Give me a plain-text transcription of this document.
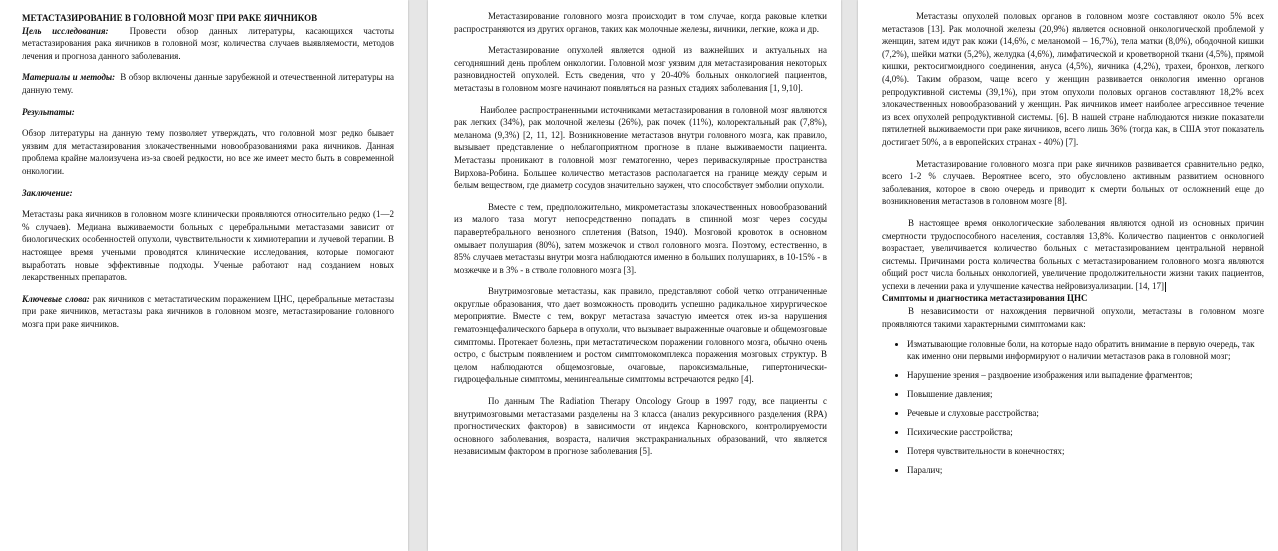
МЕТАСТАЗИРОВАНИЕ В ГОЛОВНОЙ МОЗГ ПРИ РАКЕ ЯИЧНИКОВ

Цель исследования: Провести обзор данных литературы, касающихся частоты метастазирования рака яичников в головной мозг, количества случаев выявляемости, методов лечения и прогноза данного заболевания.

Материалы и методы: В обзор включены данные зарубежной и отечественной литературы на данную тему.

Результаты:

Обзор литературы на данную тему позволяет утверждать, что головной мозг редко бывает уязвим для метастазирования злокачественными новообразованиями рака яичников. Данная проблема крайне малоизучена из-за своей редкости, но все же имеет место быть в современной онкологии.

Заключение:

Метастазы рака яичников в головном мозге клинически проявляются относительно редко (1—2 % случаев). Медиана выживаемости больных с церебральными метастазами зависит от биологических особенностей опухоли, чувствительности к химиотерапии и лучевой терапии. В настоящее время учеными проводятся клинические исследования, которые помогают выработать новые эффективные подходы. Ученые работают над созданием новых лекарственных препаратов.

Ключевые слова: рак яичников с метастатическим поражением ЦНС, церебральные метастазы при раке яичников, метастазы рака яичников в головном мозге, метастазирование головного мозга при раке яичников.

Метастазирование головного мозга происходит в том случае, когда раковые клетки распространяются из других органов, таких как молочные железы, яичники, легкие, кожа и др.

Метастазирование опухолей является одной из важнейших и актуальных на сегодняшний день проблем онкологии. Головной мозг уязвим для метастазирования некоторых разновидностей опухолей. Есть сведения, что у 20-40% больных онкологией пациентов, метастазы в головном мозге начинают появляться на разных стадиях заболевания [1, 9,10].

Наиболее распространенными источниками метастазирования в головной мозг являются рак легких (34%), рак молочной железы (26%), рак почек (11%), колоректальный рак (7,8%), меланома (9,3%) [2, 11, 12]. Возникновение метастазов внутри головного мозга, как правило, вызывает представление о неблагоприятном прогнозе в плане выживаемости пациента. Метастазы проникают в головной мозг гематогенно, через периваскулярные пространства Вирхова-Робина. Большее количество метастазов располагается на границе между серым и белым веществом, где диаметр сосудов значительно заужен, что способствует эмболии опухоли.

Вместе с тем, предположительно, микрометастазы злокачественных новообразований из малого таза могут непосредственно попадать в спинной мозг через сосуды паравертебрального венозного сплетения (Batson, 1940). Мозговой кровоток в основном омывает полушария (80%), затем мозжечок и ствол головного мозга. Поэтому, естественно, в 85% случаев метастазы внутри мозга наблюдаются именно в больших полушариях, в 10-15% - в мозжечке и в 3% - в стволе головного мозга [3].

Внутримозговые метастазы, как правило, представляют собой четко отграниченные округлые образования, что дает возможность проводить успешно радикальное хирургическое мероприятие. Вместе с тем, вокруг метастаза зачастую имеется отек из-за нарушения гематоэнцефалического барьера в опухоли, что вызывает выраженные очаговые и общемозговые симптомы. Протекает болезнь, при метастатическом поражении головного мозга, обычно очень остро, с быстрым появлением и ростом симптомокомплекса поражения мозговых структур. В целом наблюдаются общемозговые, очаговые, пароксизмальные, гипертонически-гидроцефальные симптомы, менингеальные симптомы встречаются редко [4].

По данным The Radiation Therapy Oncology Group в 1997 году, все пациенты с внутримозговыми метастазами разделены на 3 класса (анализ рекурсивного разделения (RPA) прогностических факторов) в зависимости от индекса Карновского, контролируемости основного заболевания, возраста, наличия экстракраниальных образований, что является независимым фактором в прогнозе заболевания [5].

Метастазы опухолей половых органов в головном мозге составляют около 5% всех метастазов [13]. Рак молочной железы (20,9%) является основной онкологической проблемой у женщин, затем идут рак кожи (14,6%, с меланомой – 16,7%), тела матки (8,0%), ободочной кишки (7,2%), шейки матки (5,2%), желудка (4,6%), лимфатической и кроветворной ткани (4,5%), прямой кишки, ректосигмоидного соединения, ануса (4,5%), яичника (4,2%), трахеи, бронхов, легкого (4,0%). Таким образом, чаще всего у женщин развивается онкология именно органов репродуктивной системы (39,1%), при этом опухоли половых органов составляют 18,2% всех злокачественных новообразований у женщин. Рак яичников имеет наиболее агрессивное течение из всех опухолей репродуктивной системы. [6]. В нашей стране наблюдаются низкие показатели пятилетней выживаемости при раке яичников, всего лишь 36% (тогда как, в США этот показатель достигает 50%, а в европейских странах - 40%) [7].

Метастазирование головного мозга при раке яичников развивается сравнительно редко, всего 1-2 % случаев. Вероятнее всего, это обусловлено активным развитием основного заболевания, которое в свою очередь и приводит к смерти больных от осложнений еще до возникновения метастазов в головном мозге [8].

В настоящее время онкологические заболевания являются одной из основных причин смертности трудоспособного населения, составляя 13,8%. Количество пациентов с онкологией возрастает, увеличивается количество больных с метастазированием центральной нервной системы. Причинами роста количества больных с метастазированием головного мозга являются общий рост числа больных онкологией, увеличение продолжительности жизни таких пациентов, успехи в лечении рака и улучшение качества нейровизуализации. [14, 17]

Симптомы и диагностика метастазирования ЦНС

В независимости от нахождения первичной опухоли, метастазы в головном мозге проявляются такими характерными симптомами как:

• Изматывающие головные боли, на которые надо обратить внимание в первую очередь, так как именно они первыми информируют о наличии метастазов рака в головной мозг;
• Нарушение зрения – раздвоение изображения или выпадение фрагментов;
• Повышение давления;
• Речевые и слуховые расстройства;
• Психические расстройства;
• Потеря чувствительности в конечностях;
• Паралич;
